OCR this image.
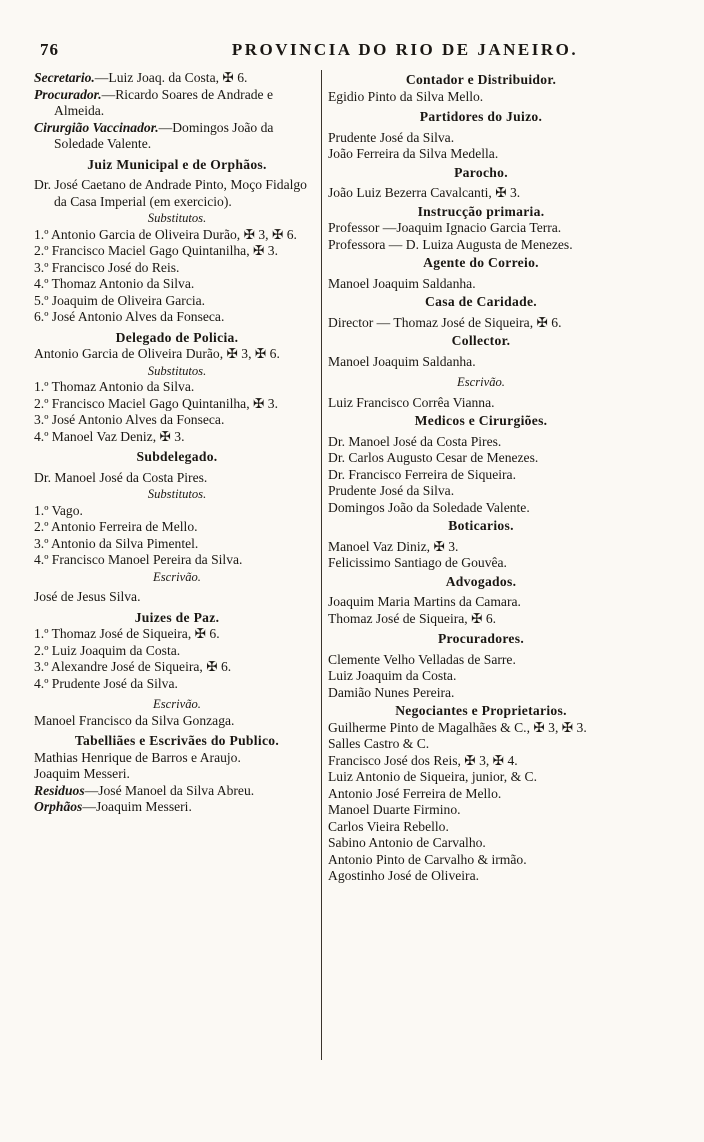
76	PROVINCIA DO RIO DE JANEIRO.
Secretario.—Luiz Joaq. da Costa, ✠ 6.
Procurador.—Ricardo Soares de Andrade e Almeida.
Cirurgião Vaccinador.—Domingos João da Soledade Valente.
Juiz Municipal e de Orphãos.
Dr. José Caetano de Andrade Pinto, Moço Fidalgo da Casa Imperial (em exercicio).
Substitutos.
1.º Antonio Garcia de Oliveira Durão, ✠ 3, ✠ 6.
2.º Francisco Maciel Gago Quintanilha, ✠ 3.
3.º Francisco José do Reis.
4.º Thomaz Antonio da Silva.
5.º Joaquim de Oliveira Garcia.
6.º José Antonio Alves da Fonseca.
Delegado de Policia.
Antonio Garcia de Oliveira Durão, ✠ 3, ✠ 6.
Substitutos.
1.º Thomaz Antonio da Silva.
2.º Francisco Maciel Gago Quintanilha, ✠ 3.
3.º José Antonio Alves da Fonseca.
4.º Manoel Vaz Deniz, ✠ 3.
Subdelegado.
Dr. Manoel José da Costa Pires.
Substitutos.
1.º Vago.
2.º Antonio Ferreira de Mello.
3.º Antonio da Silva Pimentel.
4.º Francisco Manoel Pereira da Silva.
Escrivão.
José de Jesus Silva.
Juizes de Paz.
1.º Thomaz José de Siqueira, ✠ 6.
2.º Luiz Joaquim da Costa.
3.º Alexandre José de Siqueira, ✠ 6.
4.º Prudente José da Silva.
Escrivão.
Manoel Francisco da Silva Gonzaga.
Tabelliães e Escrivães do Publico.
Mathias Henrique de Barros e Araujo.
Joaquim Messeri.
Residuos—José Manoel da Silva Abreu.
Orphãos—Joaquim Messeri.
Contador e Distribuidor.
Egidio Pinto da Silva Mello.
Partidores do Juizo.
Prudente José da Silva.
João Ferreira da Silva Medella.
Parocho.
João Luiz Bezerra Cavalcanti, ✠ 3.
Instrucção primaria.
Professor —Joaquim Ignacio Garcia Terra.
Professora — D. Luiza Augusta de Menezes.
Agente do Correio.
Manoel Joaquim Saldanha.
Casa de Caridade.
Director — Thomaz José de Siqueira, ✠ 6.
Collector.
Manoel Joaquim Saldanha.
Escrivão.
Luiz Francisco Corrêa Vianna.
Medicos e Cirurgiões.
Dr. Manoel José da Costa Pires.
Dr. Carlos Augusto Cesar de Menezes.
Dr. Francisco Ferreira de Siqueira.
Prudente José da Silva.
Domingos João da Soledade Valente.
Boticarios.
Manoel Vaz Diniz, ✠ 3.
Felicissimo Santiago de Gouvêa.
Advogados.
Joaquim Maria Martins da Camara.
Thomaz José de Siqueira, ✠ 6.
Procuradores.
Clemente Velho Velladas de Sarre.
Luiz Joaquim da Costa.
Damião Nunes Pereira.
Negociantes e Proprietarios.
Guilherme Pinto de Magalhães & C., ✠ 3, ✠ 3.
Salles Castro & C.
Francisco José dos Reis, ✠ 3, ✠ 4.
Luiz Antonio de Siqueira, junior, & C.
Antonio José Ferreira de Mello.
Manoel Duarte Firmino.
Carlos Vieira Rebello.
Sabino Antonio de Carvalho.
Antonio Pinto de Carvalho & irmão.
Agostinho José de Oliveira.
